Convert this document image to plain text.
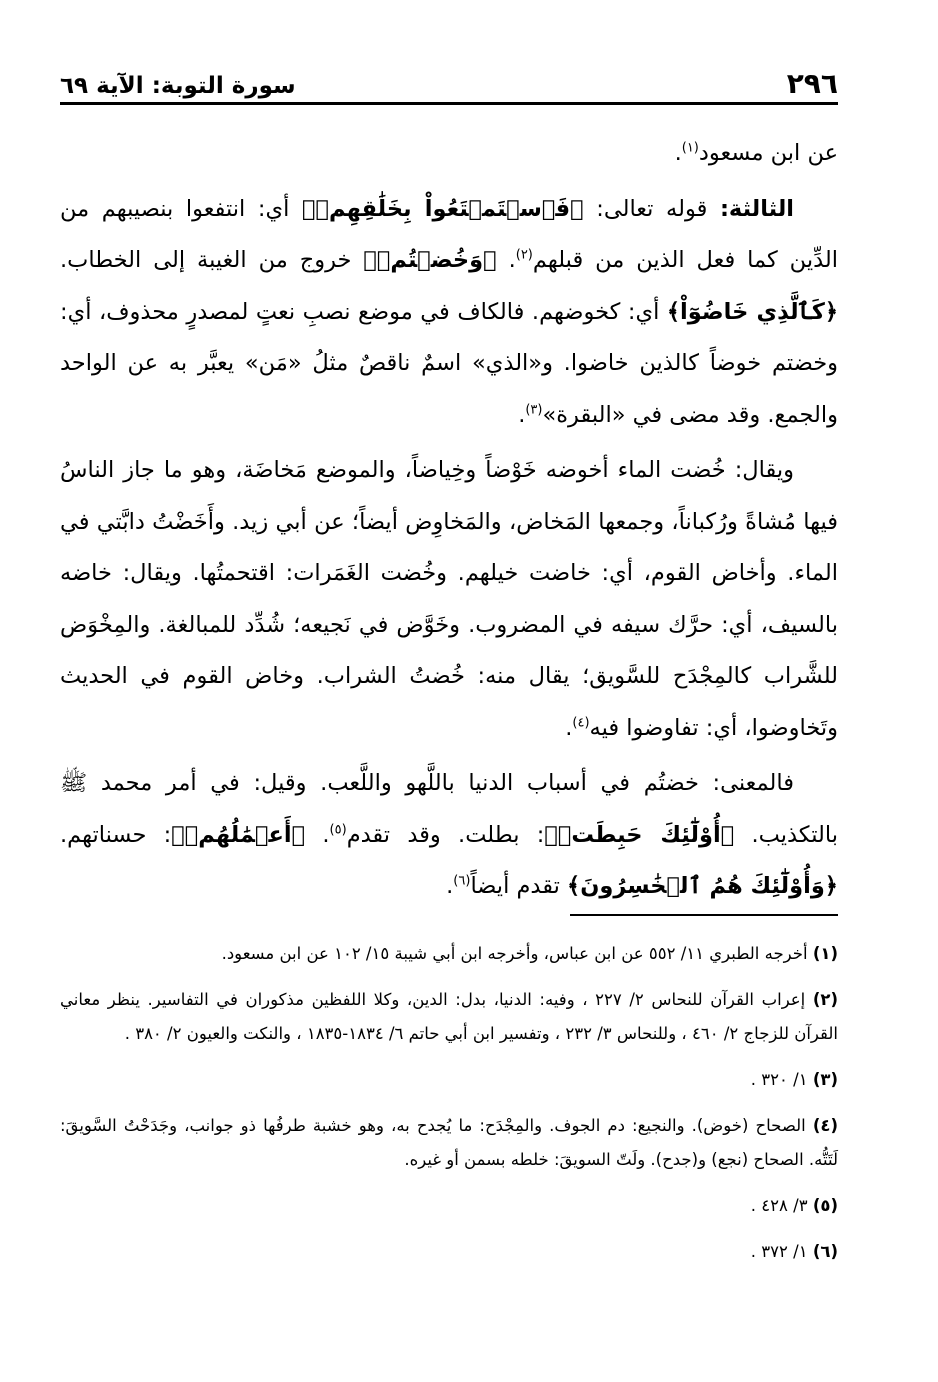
٢٩٦
سورة التوبة: الآية ٦٩

عن ابن مسعود$^{(١)}$.

الثالثة: قوله تعالى: ﴿فَٱسۡتَمۡتَعُواْ بِخَلَٰقِهِمۡ﴾ أي: انتفعوا بنصيبهم من الدِّين كما فعل الذين من قبلهم$^{(٢)}$. ﴿وَخُضۡتُمۡ﴾ خروج من الغيبة إلى الخطاب. ﴿كَٱلَّذِي خَاضُوٓاْ﴾ أي: كخوضهم. فالكاف في موضع نصبِ نعتٍ لمصدرٍ محذوف، أي: وخضتم خوضاً كالذين خاضوا. و«الذي» اسمٌ ناقصٌ مثلُ «مَن» يعبَّر به عن الواحد والجمع. وقد مضى في «البقرة»$^{(٣)}$.

ويقال: خُضت الماء أخوضه خَوْضاً وخِياضاً، والموضع مَخاضَة، وهو ما جاز الناسُ فيها مُشاةً ورُكباناً، وجمعها المَخاض، والمَخاوِض أيضاً؛ عن أبي زيد. وأَخَضْتُ دابَّتي في الماء. وأخاض القوم، أي: خاضت خيلهم. وخُضت الغَمَرات: اقتحمتُها. ويقال: خاضه بالسيف، أي: حرَّك سيفه في المضروب. وخَوَّض في نَجيعه؛ شُدِّد للمبالغة. والمِخْوَض للشَّراب كالمِجْدَح للسَّويق؛ يقال منه: خُضتُ الشراب. وخاض القوم في الحديث وتَخاوضوا، أي: تفاوضوا فيه$^{(٤)}$.

فالمعنى: خضتُم في أسباب الدنيا باللَّهو واللَّعب. وقيل: في أمر محمد ﷺ بالتكذيب. ﴿أُوْلَٰٓئِكَ حَبِطَتۡ﴾: بطلت. وقد تقدم$^{(٥)}$. ﴿أَعۡمَٰلُهُمۡ﴾: حسناتهم. ﴿وَأُوْلَٰٓئِكَ هُمُ ٱلۡخَٰسِرُونَ﴾ تقدم أيضاً$^{(٦)}$.

(١) أخرجه الطبري ١١/ ٥٥٢ عن ابن عباس، وأخرجه ابن أبي شيبة ١٥/ ١٠٢ عن ابن مسعود.

(٢) إعراب القرآن للنحاس ٢/ ٢٢٧ ، وفيه: الدنيا، بدل: الدين، وكلا اللفظين مذكوران في التفاسير. ينظر معاني القرآن للزجاج ٢/ ٤٦٠ ، وللنحاس ٣/ ٢٣٢ ، وتفسير ابن أبي حاتم ٦/ ١٨٣٤-١٨٣٥ ، والنكت والعيون ٢/ ٣٨٠ .

(٣) ١/ ٣٢٠ .

(٤) الصحاح (خوض). والنجيع: دم الجوف. والمِجْدَح: ما يُجدح به، وهو خشبة طرفُها ذو جوانب، وجَدَحْتُ السَّويقَ: لَتَتُّه. الصحاح (نجع) و(جدح). ولَتّ السويقَ: خلطه بسمن أو غيره.

(٥) ٣/ ٤٢٨ .

(٦) ١/ ٣٧٢ .
